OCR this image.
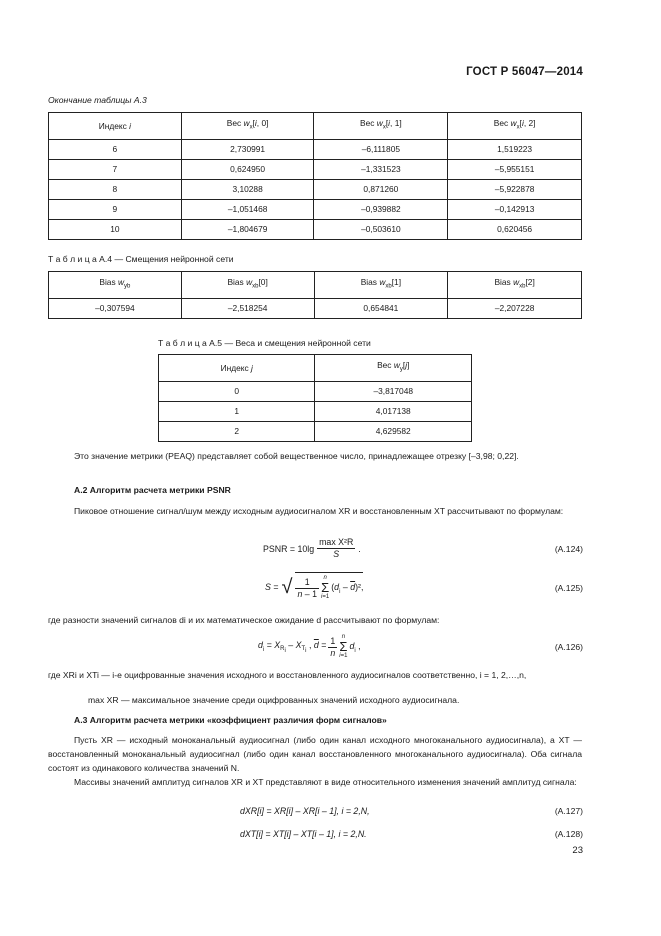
ГОСТ Р 56047—2014
Окончание таблицы А.3
Индекс i	Вес $w_x[i$, 0]	Вес $w_x[i$, 1]	Вес $w_x[i$, 2]
6	2,730991	–6,111805	1,519223
7	0,624950	–1,331523	–5,955151
8	3,10288	0,871260	–5,922878
9	–1,051468	–0,939882	–0,142913
10	–1,804679	–0,503610	0,620456
Т а б л и ц а А.4 — Смещения нейронной сети
Bias $w_{yb}$	Bias $w_{xb}[0]$	Bias $w_{xb}[1]$	Bias $w_{xb}[2]$
–0,307594	–2,518254	0,654841	–2,207228
Т а б л и ц а А.5 — Веса и смещения нейронной сети
Индекс j	Вес $w_y[j]$
0	–3,817048
1	4,017138
2	4,629582
Это значение метрики (PEAQ) представляет собой вещественное число, принадлежащее отрезку [–3,98; 0,22].
А.2 Алгоритм расчета метрики PSNR
Пиковое отношение сигнал/шум между исходным аудиосигналом XR и восстановленным XT рассчитывают по формулам:
PSNR = $10\lg \frac{\text{max X²R}}{S}$ .	(А.124)
S = √ $\frac{1}{n - 1}$ n
Σ
i=1
$(d_i - \overline{d})^2$,	(А.125)
где разности значений сигналов di и их математическое ожидание d рассчитывают по формулам:
$d_i = X_{R_i} - X_{T_i}$ , $\overline{d} = \frac{1}{n}$ n
Σ
i=1
$d_i$ ,	(А.126)
где XRi и XTi — i-е оцифрованные значения исходного и восстановленного аудиосигналов соответственно, i = 1, 2,…,n,
max XR — максимальное значение среди оцифрованных значений исходного аудиосигнала.
А.3 Алгоритм расчета метрики «коэффициент различия форм сигналов»
Пусть XR — исходный моноканальный аудиосигнал (либо один канал исходного многоканального аудиосигнала), а XT — восстановленный моноканальный аудиосигнал (либо один канал восстановленного многоканального аудиосигнала). Оба сигнала состоят из одинакового количества значений N.
Массивы значений амплитуд сигналов XR и XT представляют в виде относительного изменения значений амплитуд сигнала:
dXR[i] = XR[i] – XR[i – 1], i = 2,N,	(А.127)
dXT[i] = XT[i] – XT[i – 1], i = 2,N.	(А.128)
23
